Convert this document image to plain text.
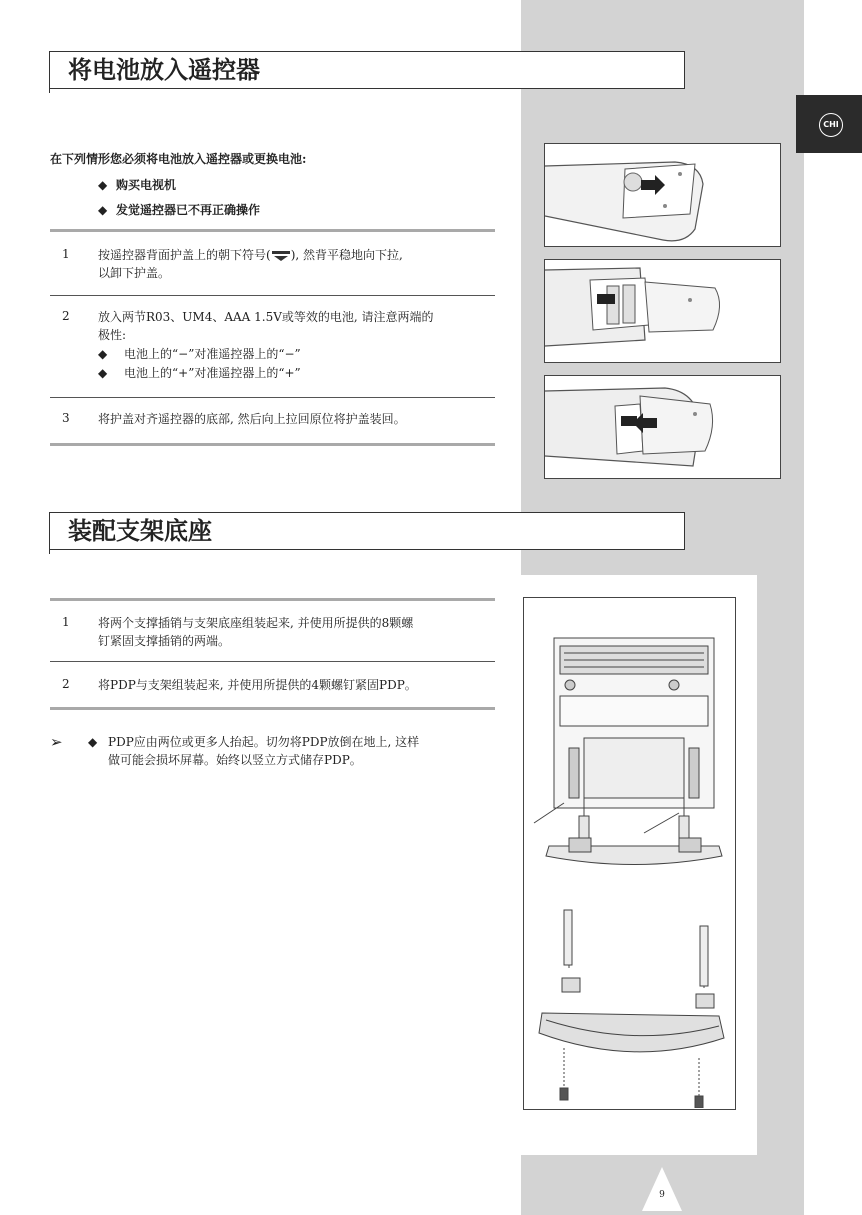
CHI
将电池放入遥控器
在下列情形您必须将电池放入遥控器或更换电池:
◆ 购买电视机
◆ 发觉遥控器已不再正确操作
1 按遥控器背面护盖上的朝下符号( ), 然背平稳地向下拉,
以卸下护盖。
2 放入两节R03、UM4、AAA 1.5V或等效的电池, 请注意两端的
极性:
◆ 电池上的“−”对准遥控器上的“−”
◆ 电池上的“+”对准遥控器上的“+”
3 将护盖对齐遥控器的底部, 然后向上拉回原位将护盖装回。
装配支架底座
1 将两个支撑插销与支架底座组装起来, 并使用所提供的8颗螺
钉紧固支撑插销的两端。
2 将PDP与支架组装起来, 并使用所提供的4颗螺钉紧固PDP。
➢ ◆ PDP应由两位或更多人抬起。切勿将PDP放倒在地上, 这样
做可能会损坏屏幕。始终以竖立方式储存PDP。
9
